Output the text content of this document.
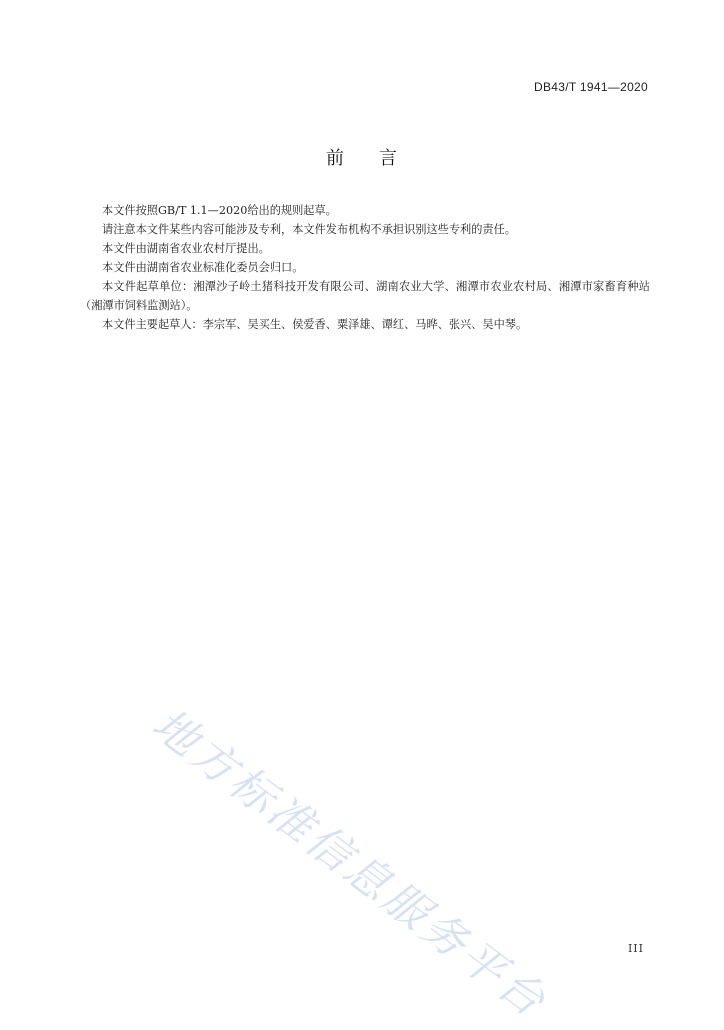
DB43/T 1941—2020
前 言

本文件按照GB/T 1.1—2020给出的规则起草。

请注意本文件某些内容可能涉及专利，本文件发布机构不承担识别这些专利的责任。

本文件由湖南省农业农村厅提出。

本文件由湖南省农业标准化委员会归口。

本文件起草单位：湘潭沙子岭土猪科技开发有限公司、湖南农业大学、湘潭市农业农村局、湘潭市家畜育种站（湘潭市饲料监测站）。

本文件主要起草人：李宗军、吴买生、侯爱香、粟泽雄、谭红、马晔、张兴、吴中琴。

地方标准信息服务平台	III
